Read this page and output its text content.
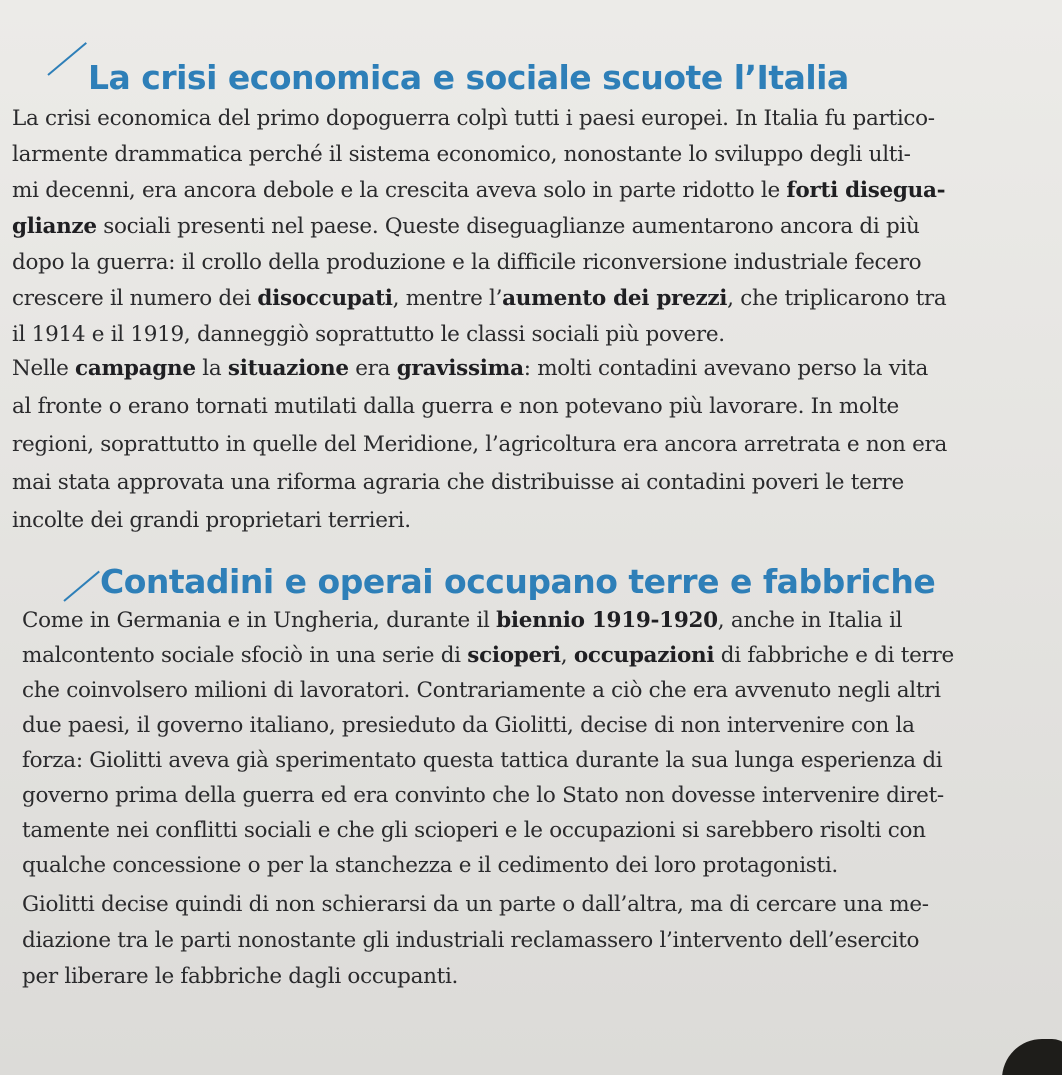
La crisi economica e sociale scuote l’Italia
La crisi economica del primo dopoguerra colpì tutti i paesi europei. In Italia fu partico-
larmente drammatica perché il sistema economico, nonostante lo sviluppo degli ulti-
mi decenni, era ancora debole e la crescita aveva solo in parte ridotto le forti disegua-
glianze sociali presenti nel paese. Queste diseguaglianze aumentarono ancora di più
dopo la guerra: il crollo della produzione e la difficile riconversione industriale fecero
crescere il numero dei disoccupati, mentre l’aumento dei prezzi, che triplicarono tra
il 1914 e il 1919, danneggiò soprattutto le classi sociali più povere.
Nelle campagne la situazione era gravissima: molti contadini avevano perso la vita
al fronte o erano tornati mutilati dalla guerra e non potevano più lavorare. In molte
regioni, soprattutto in quelle del Meridione, l’agricoltura era ancora arretrata e non era
mai stata approvata una riforma agraria che distribuisse ai contadini poveri le terre
incolte dei grandi proprietari terrieri.
Contadini e operai occupano terre e fabbriche
Come in Germania e in Ungheria, durante il biennio 1919-1920, anche in Italia il
malcontento sociale sfociò in una serie di scioperi, occupazioni di fabbriche e di terre
che coinvolsero milioni di lavoratori. Contrariamente a ciò che era avvenuto negli altri
due paesi, il governo italiano, presieduto da Giolitti, decise di non intervenire con la
forza: Giolitti aveva già sperimentato questa tattica durante la sua lunga esperienza di
governo prima della guerra ed era convinto che lo Stato non dovesse intervenire diret-
tamente nei conflitti sociali e che gli scioperi e le occupazioni si sarebbero risolti con
qualche concessione o per la stanchezza e il cedimento dei loro protagonisti.
Giolitti decise quindi di non schierarsi da un parte o dall’altra, ma di cercare una me-
diazione tra le parti nonostante gli industriali reclamassero l’intervento dell’esercito
per liberare le fabbriche dagli occupanti.
